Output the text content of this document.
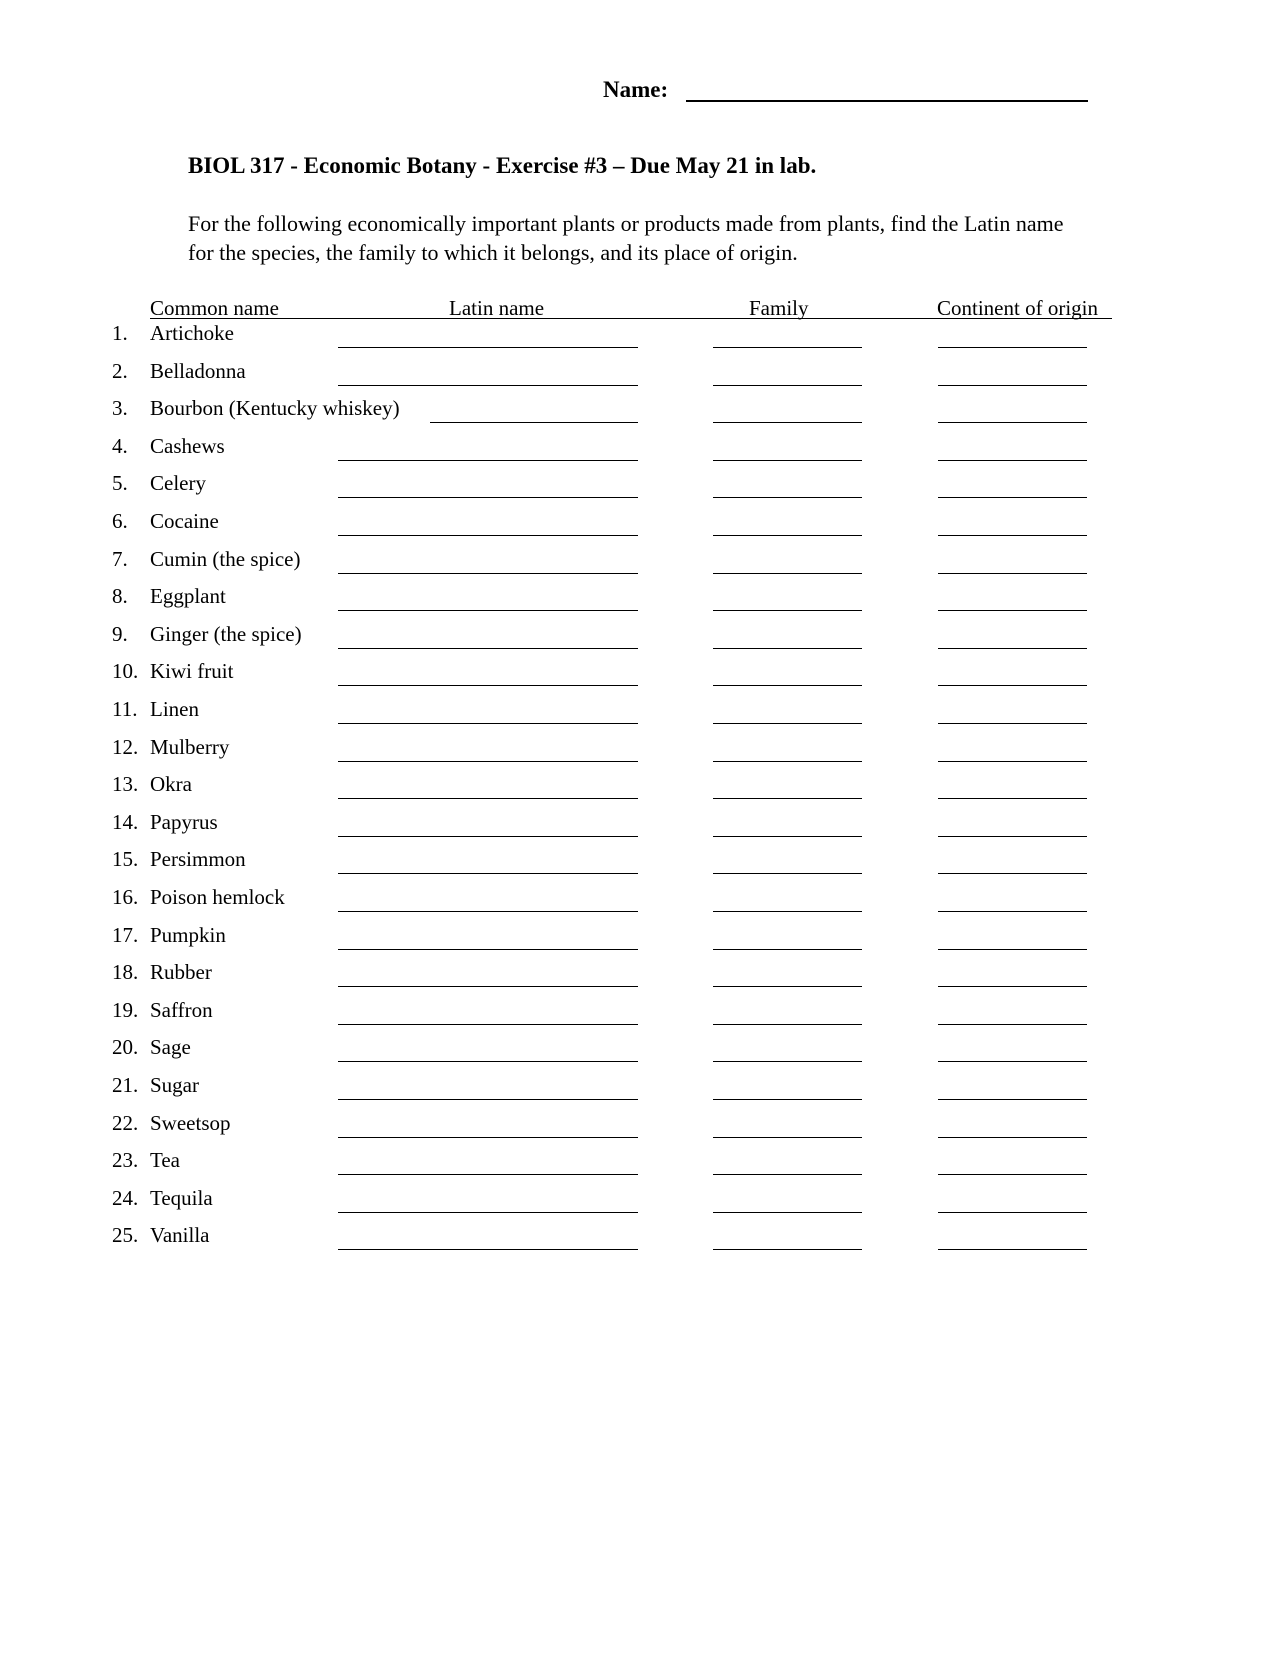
Name:
BIOL 317 - Economic Botany - Exercise #3 – Due May 21 in lab.
For the following economically important plants or products made from plants, find the Latin name for the species, the family to which it belongs, and its place of origin.
Common name	Latin name	Family	Continent of origin
1. Artichoke
2. Belladonna
3. Bourbon (Kentucky whiskey)
4. Cashews
5. Celery
6. Cocaine
7. Cumin (the spice)
8. Eggplant
9. Ginger (the spice)
10. Kiwi fruit
11. Linen
12. Mulberry
13. Okra
14. Papyrus
15. Persimmon
16. Poison hemlock
17. Pumpkin
18. Rubber
19. Saffron
20. Sage
21. Sugar
22. Sweetsop
23. Tea
24. Tequila
25. Vanilla
